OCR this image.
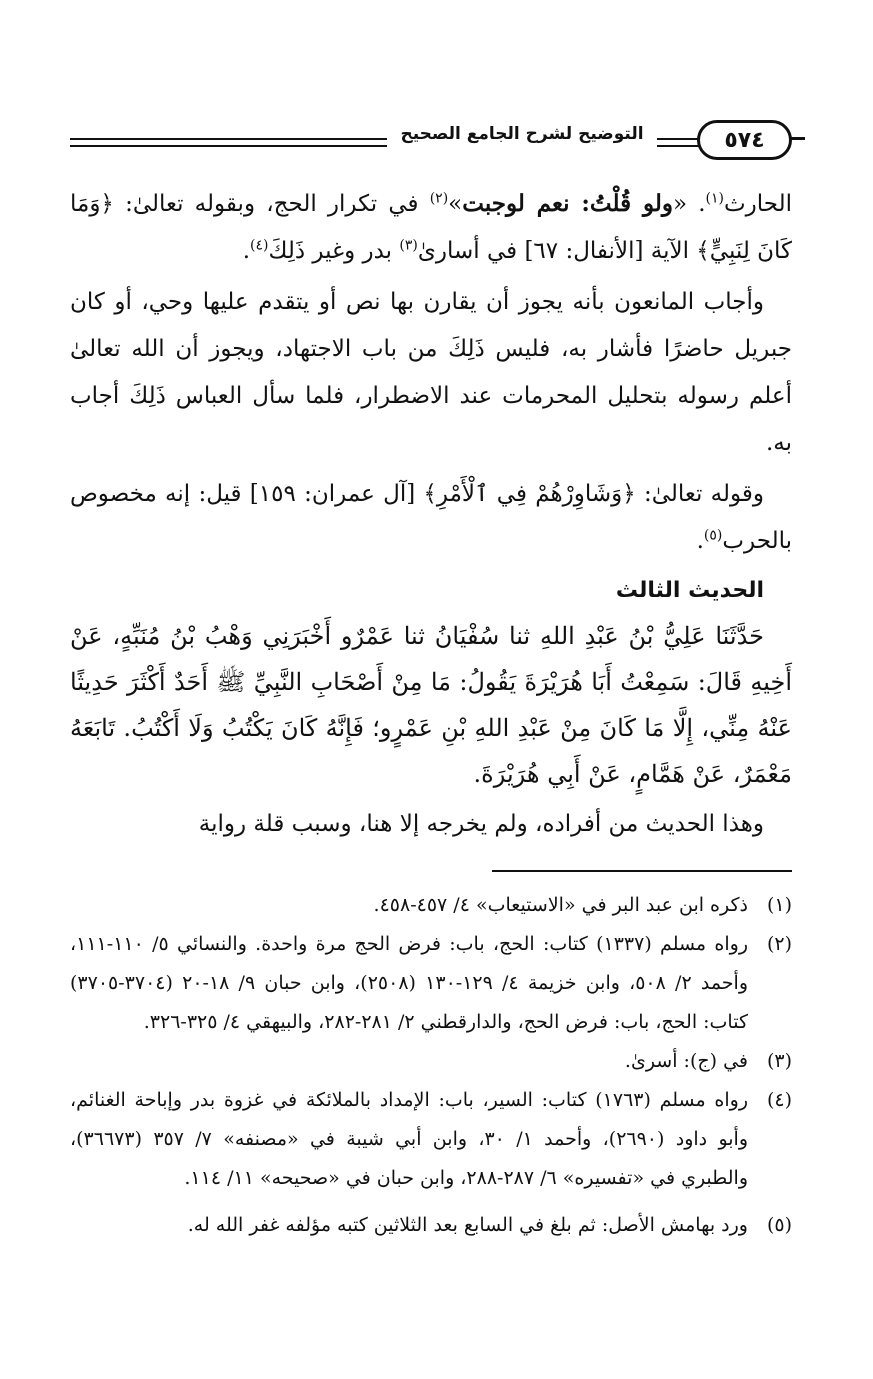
٥٧٤
التوضيح لشرح الجامع الصحيح

الحارث$^{(١)}$. «ولو قُلْتُ: نعم لوجبت»$^{(٢)}$ في تكرار الحج، وبقوله تعالىٰ: ﴿وَمَا كَانَ لِنَبِيٍّ﴾ الآية [الأنفال: ٦٧] في أسارىٰ$^{(٣)}$ بدر وغير ذَلِكَ$^{(٤)}$.

وأجاب المانعون بأنه يجوز أن يقارن بها نص أو يتقدم عليها وحي، أو كان جبريل حاضرًا فأشار به، فليس ذَلِكَ من باب الاجتهاد، ويجوز أن الله تعالىٰ أعلم رسوله بتحليل المحرمات عند الاضطرار، فلما سأل العباس ذَلِكَ أجاب به.

وقوله تعالىٰ: ﴿وَشَاوِرْهُمْ فِي ٱلْأَمْرِ﴾ [آل عمران: ١٥٩] قيل: إنه مخصوص بالحرب$^{(٥)}$.

الحديث الثالث

حَدَّثَنَا عَلِيُّ بْنُ عَبْدِ اللهِ ثنا سُفْيَانُ ثنا عَمْرٌو أَخْبَرَنِي وَهْبُ بْنُ مُنَبِّهٍ، عَنْ أَخِيهِ قَالَ: سَمِعْتُ أَبَا هُرَيْرَةَ يَقُولُ: مَا مِنْ أَصْحَابِ النَّبِيِّ ﷺ أَحَدٌ أَكْثَرَ حَدِيثًا عَنْهُ مِنِّي، إِلَّا مَا كَانَ مِنْ عَبْدِ اللهِ بْنِ عَمْرٍو؛ فَإِنَّهُ كَانَ يَكْتُبُ وَلَا أَكْتُبُ. تَابَعَهُ مَعْمَرٌ، عَنْ هَمَّامٍ، عَنْ أَبِي هُرَيْرَةَ.

وهذا الحديث من أفراده، ولم يخرجه إلا هنا، وسبب قلة رواية

(١)
ذكره ابن عبد البر في «الاستيعاب» ٤/ ٤٥٧-٤٥٨.
(٢)
رواه مسلم (١٣٣٧) كتاب: الحج، باب: فرض الحج مرة واحدة. والنسائي ٥/ ١١٠-١١١، وأحمد ٢/ ٥٠٨، وابن خزيمة ٤/ ١٢٩-١٣٠ (٢٥٠٨)، وابن حبان ٩/ ١٨-٢٠ (٣٧٠٤-٣٧٠٥) كتاب: الحج، باب: فرض الحج، والدارقطني ٢/ ٢٨١-٢٨٢، والبيهقي ٤/ ٣٢٥-٣٢٦.
(٣)
في (ج): أسرىٰ.
(٤)
رواه مسلم (١٧٦٣) كتاب: السير، باب: الإمداد بالملائكة في غزوة بدر وإباحة الغنائم، وأبو داود (٢٦٩٠)، وأحمد ١/ ٣٠، وابن أبي شيبة في «مصنفه» ٧/ ٣٥٧ (٣٦٦٧٣)، والطبري في «تفسيره» ٦/ ٢٨٧-٢٨٨، وابن حبان في «صحيحه» ١١/ ١١٤.
(٥)
ورد بهامش الأصل: ثم بلغ في السابع بعد الثلاثين كتبه مؤلفه غفر الله له.
